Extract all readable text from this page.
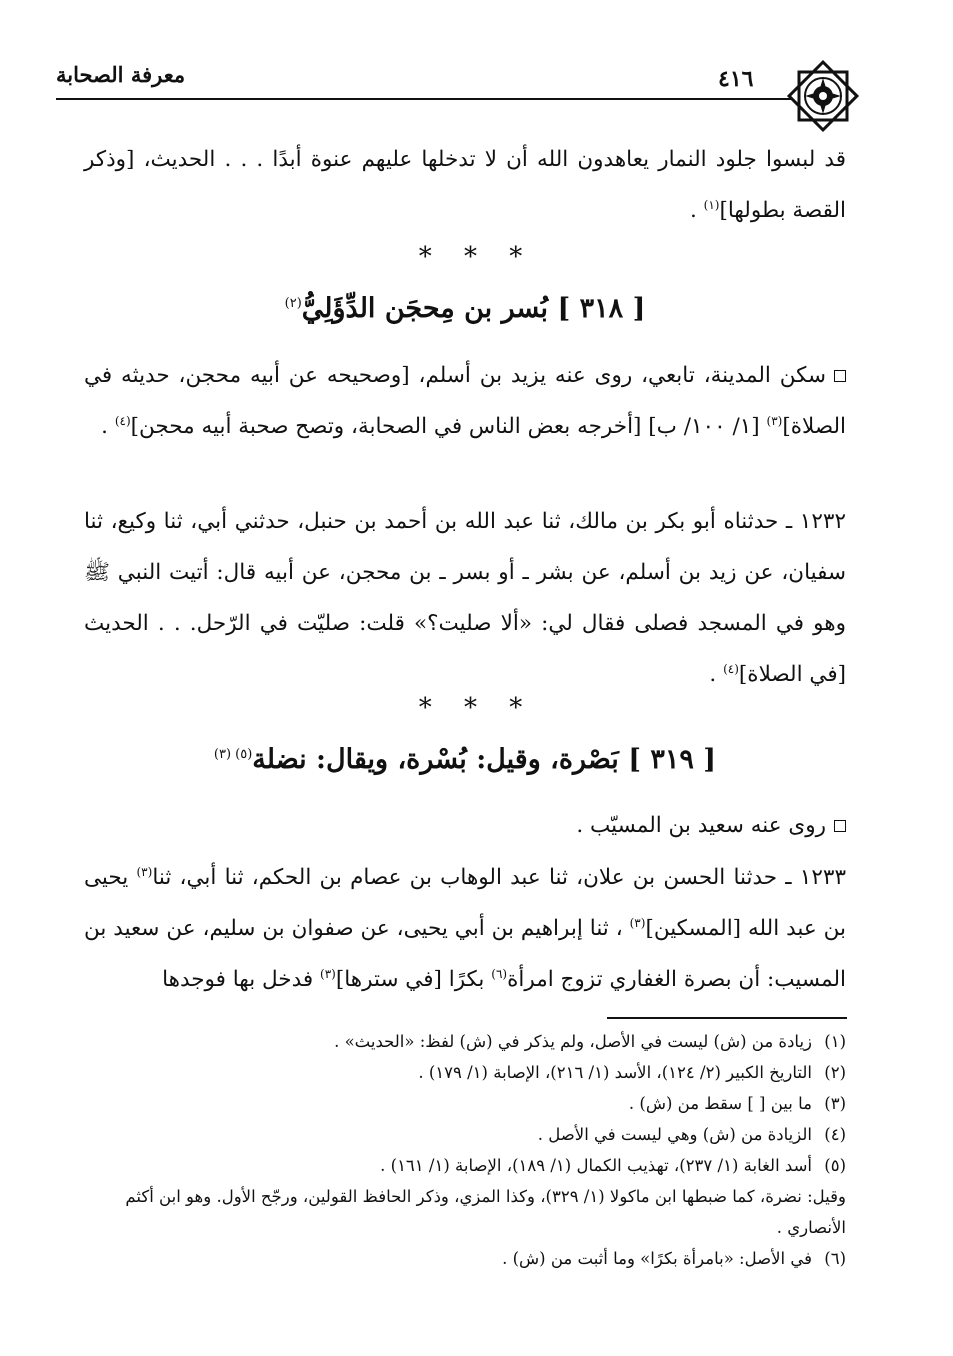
٤١٦
معرفة الصحابة
قد لبسوا جلود النمار يعاهدون الله أن لا تدخلها عليهم عنوة أبدًا . . . الحديث، [وذكر القصة بطولها]$^{(١)}$ .
* * *
[ ٣١٨ ] بُسر بن مِحجَن الدِّؤَلِيُّ$^{(٢)}$
سكن المدينة، تابعي، روى عنه يزيد بن أسلم، [وصحيحه عن أبيه محجن، حديثه في الصلاة]$^{(٣)}$ [١/ ١٠٠/ ب] [أخرجه بعض الناس في الصحابة، وتصح صحبة أبيه محجن]$^{(٤)}$ .
١٢٣٢ ـ حدثناه أبو بكر بن مالك، ثنا عبد الله بن أحمد بن حنبل، حدثني أبي، ثنا وكيع، ثنا سفيان، عن زيد بن أسلم، عن بشر ـ أو بسر ـ بن محجن، عن أبيه قال: أتيت النبي ﷺ وهو في المسجد فصلى فقال لي: «ألا صليت؟» قلت: صليّت في الرّحل. . . الحديث [في الصلاة]$^{(٤)}$ .
* * *
[ ٣١٩ ] بَصْرة، وقيل: بُسْرة، ويقال: نضلة$^{(٥) (٣)}$
روى عنه سعيد بن المسيّب .
١٢٣٣ ـ حدثنا الحسن بن علان، ثنا عبد الوهاب بن عصام بن الحكم، ثنا أبي، ثنا$^{(٣)}$ يحيى بن عبد الله [المسكين]$^{(٣)}$ ، ثنا إبراهيم بن أبي يحيى، عن صفوان بن سليم، عن سعيد بن المسيب: أن بصرة الغفاري تزوج امرأة$^{(٦)}$ بكرًا [في سترها]$^{(٣)}$ فدخل بها فوجدها

(١)زيادة من (ش) ليست في الأصل، ولم يذكر في (ش) لفظ: «الحديث» .

(٢)التاريخ الكبير (٢/ ١٢٤)، الأسد (١/ ٢١٦)، الإصابة (١/ ١٧٩) .

(٣)ما بين [ ] سقط من (ش) .

(٤)الزيادة من (ش) وهي ليست في الأصل .

(٥)أسد الغابة (١/ ٢٣٧)، تهذيب الكمال (١/ ١٨٩)، الإصابة (١/ ١٦١) .

وقيل: نضرة، كما ضبطها ابن ماكولا (١/ ٣٢٩)، وكذا المزي، وذكر الحافظ القولين، ورجّح الأول. وهو ابن أكثم الأنصاري .

(٦)في الأصل: «بامرأة بكرًا» وما أثبت من (ش) .
